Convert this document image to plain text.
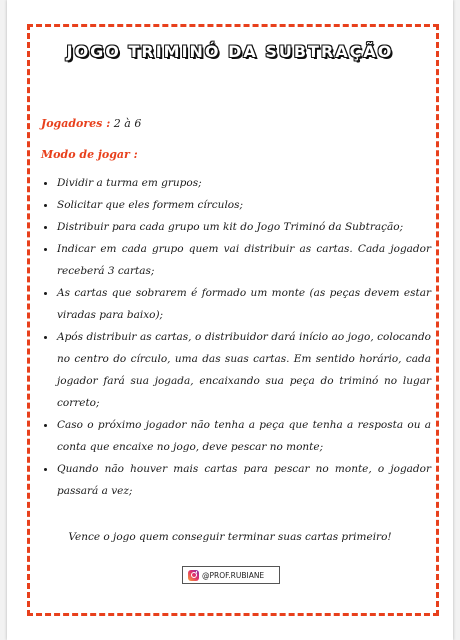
JOGO TRIMINÓ DA SUBTRAÇÃO
Jogadores : 2 à 6
Modo de jogar :
• Dividir a turma em grupos;
• Solicitar que eles formem círculos;
• Distribuir para cada grupo um kit do Jogo Triminó da Subtração;
• Indicar em cada grupo quem vai distribuir as cartas. Cada jogador receberá 3 cartas;
• As cartas que sobrarem é formado um monte (as peças devem estar viradas para baixo);
• Após distribuir as cartas, o distribuidor dará início ao jogo, colocando no centro do círculo, uma das suas cartas. Em sentido horário, cada jogador fará sua jogada, encaixando sua peça do triminó no lugar correto;
• Caso o próximo jogador não tenha a peça que tenha a resposta ou a conta que encaixe no jogo, deve pescar no monte;
• Quando não houver mais cartas para pescar no monte, o jogador passará a vez;
Vence o jogo quem conseguir terminar suas cartas primeiro!
@PROF.RUBIANE
